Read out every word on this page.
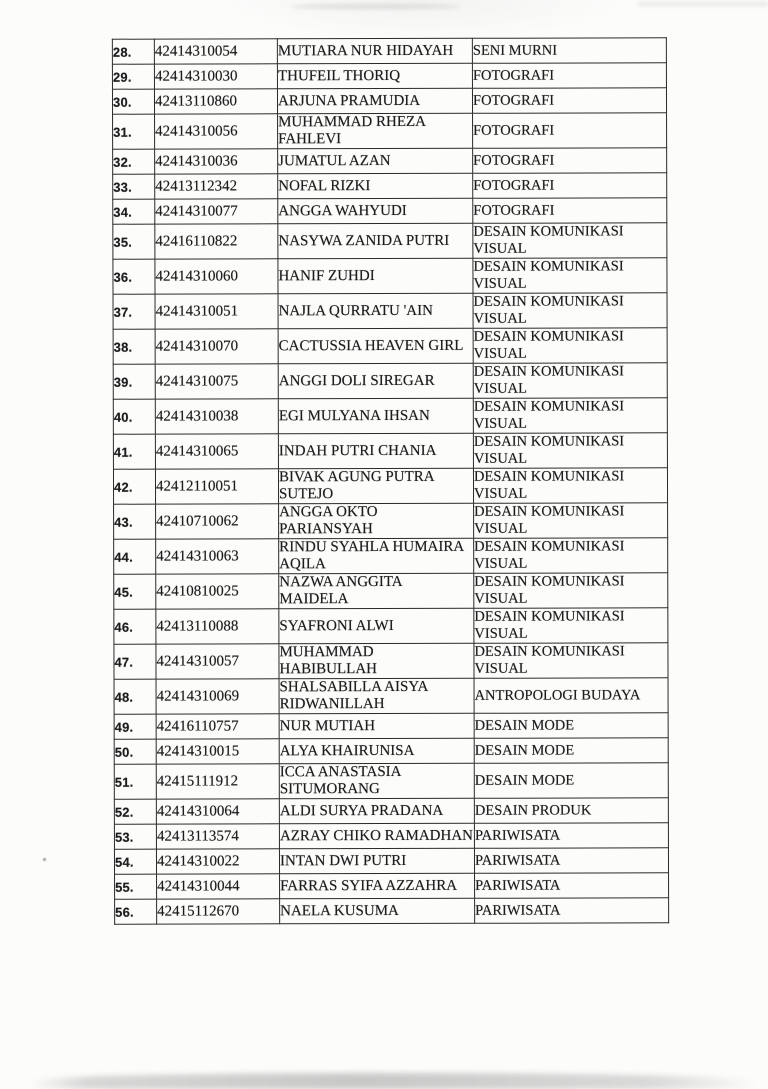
28.	42414310054	MUTIARA NUR HIDAYAH	SENI MURNI
29.	42414310030	THUFEIL THORIQ	FOTOGRAFI
30.	42413110860	ARJUNA PRAMUDIA	FOTOGRAFI
31.	42414310056	MUHAMMAD RHEZA
FAHLEVI	FOTOGRAFI
32.	42414310036	JUMATUL AZAN	FOTOGRAFI
33.	42413112342	NOFAL RIZKI	FOTOGRAFI
34.	42414310077	ANGGA WAHYUDI	FOTOGRAFI
35.	42416110822	NASYWA ZANIDA PUTRI	DESAIN KOMUNIKASI
VISUAL
36.	42414310060	HANIF ZUHDI	DESAIN KOMUNIKASI
VISUAL
37.	42414310051	NAJLA QURRATU 'AIN	DESAIN KOMUNIKASI
VISUAL
38.	42414310070	CACTUSSIA HEAVEN GIRL	DESAIN KOMUNIKASI
VISUAL
39.	42414310075	ANGGI DOLI SIREGAR	DESAIN KOMUNIKASI
VISUAL
40.	42414310038	EGI MULYANA IHSAN	DESAIN KOMUNIKASI
VISUAL
41.	42414310065	INDAH PUTRI CHANIA	DESAIN KOMUNIKASI
VISUAL
42.	42412110051	BIVAK AGUNG PUTRA
SUTEJO	DESAIN KOMUNIKASI
VISUAL
43.	42410710062	ANGGA OKTO PARIANSYAH	DESAIN KOMUNIKASI
VISUAL
44.	42414310063	RINDU SYAHLA HUMAIRA
AQILA	DESAIN KOMUNIKASI
VISUAL
45.	42410810025	NAZWA ANGGITA MAIDELA	DESAIN KOMUNIKASI
VISUAL
46.	42413110088	SYAFRONI ALWI	DESAIN KOMUNIKASI
VISUAL
47.	42414310057	MUHAMMAD HABIBULLAH	DESAIN KOMUNIKASI
VISUAL
48.	42414310069	SHALSABILLA AISYA
RIDWANILLAH	ANTROPOLOGI BUDAYA
49.	42416110757	NUR MUTIAH	DESAIN MODE
50.	42414310015	ALYA KHAIRUNISA	DESAIN MODE
51.	42415111912	ICCA ANASTASIA
SITUMORANG	DESAIN MODE
52.	42414310064	ALDI SURYA PRADANA	DESAIN PRODUK
53.	42413113574	AZRAY CHIKO RAMADHAN	PARIWISATA
54.	42414310022	INTAN DWI PUTRI	PARIWISATA
55.	42414310044	FARRAS SYIFA AZZAHRA	PARIWISATA
56.	42415112670	NAELA KUSUMA	PARIWISATA
